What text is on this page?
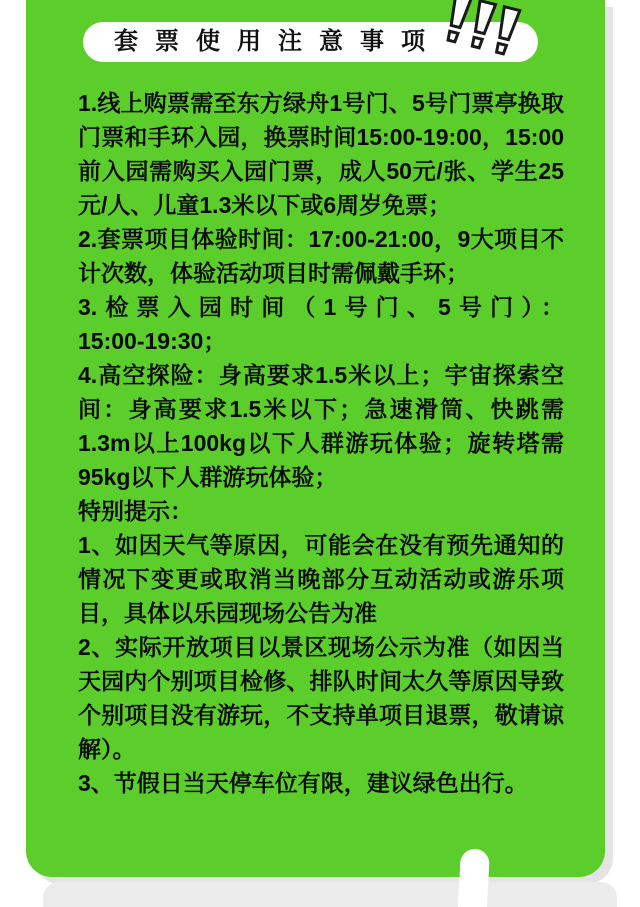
套票使用注意事项

1.线上购票需至东方绿舟1号门、5号门票亭换取门票和手环入园，换票时间15:00-19:00，15:00前入园需购买入园门票，成人50元/张、学生25元/人、儿童1.3米以下或6周岁免票；

2.套票项目体验时间：17:00-21:00，9大项目不计次数，体验活动项目时需佩戴手环；

3.检票入园时间（1号门、5号门）：
15:00-19:30；

4.高空探险：身高要求1.5米以上；宇宙探索空间：身高要求1.5米以下；急速滑筒、快跳需1.3m以上100kg以下人群游玩体验；旋转塔需95kg以下人群游玩体验；

特别提示：

1、如因天气等原因，可能会在没有预先通知的情况下变更或取消当晚部分互动活动或游乐项目，具体以乐园现场公告为准

2、实际开放项目以景区现场公示为准（如因当天园内个别项目检修、排队时间太久等原因导致个别项目没有游玩，不支持单项目退票，敬请谅解）。

3、节假日当天停车位有限，建议绿色出行。
